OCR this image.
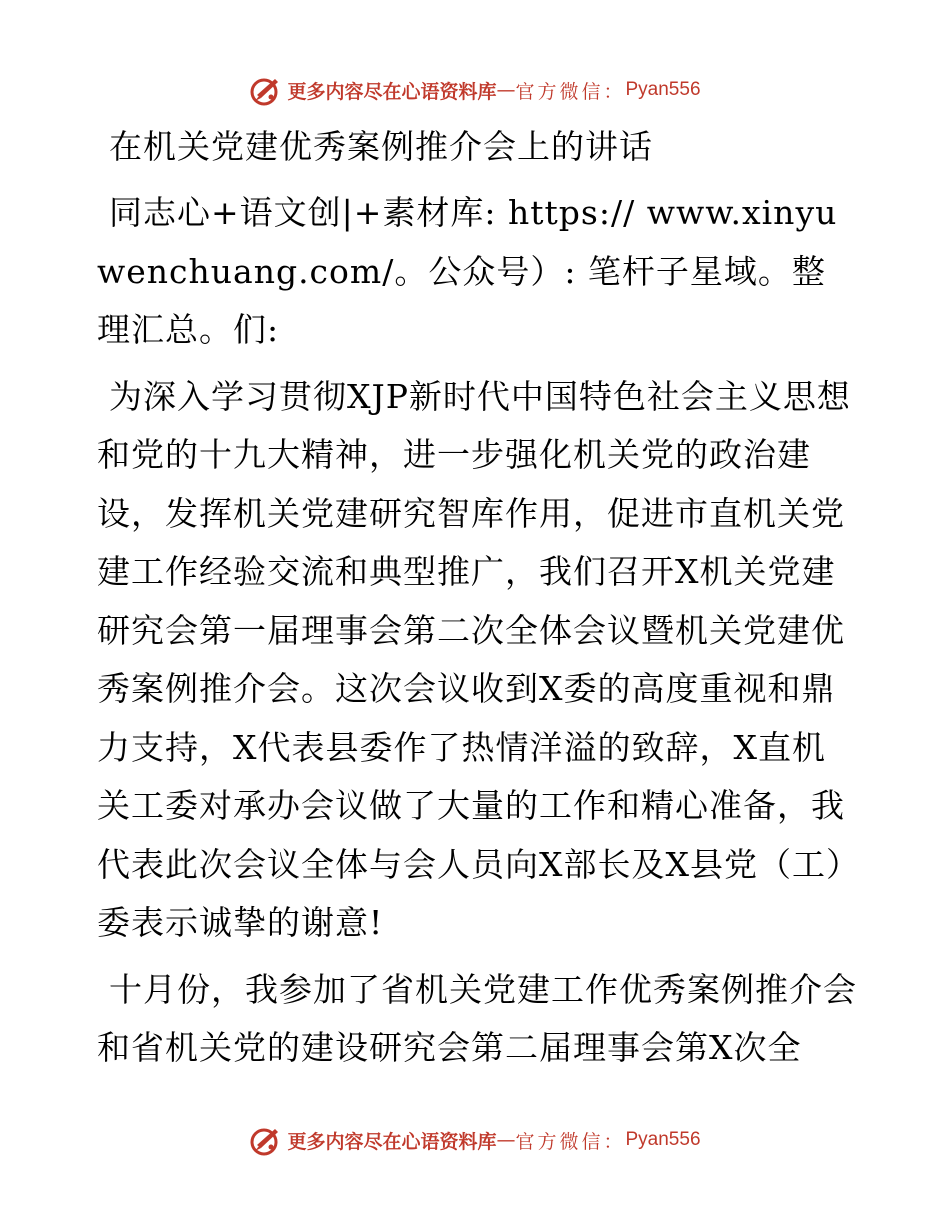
更多内容尽在心语资料库 — 官方微信： Pyan556
在机关党建优秀案例推介会上的讲话

同志心+语文创|+素材库: https:// www.xinyuwenchuang.com/。公众号）: 笔杆子星域。整理汇总。们:

为深入学习贯彻XJP新时代中国特色社会主义思想和党的十九大精神，进一步强化机关党的政治建设，发挥机关党建研究智库作用，促进市直机关党建工作经验交流和典型推广，我们召开X机关党建研究会第一届理事会第二次全体会议暨机关党建优秀案例推介会。这次会议收到X委的高度重视和鼎力支持，X代表县委作了热情洋溢的致辞，X直机关工委对承办会议做了大量的工作和精心准备，我代表此次会议全体与会人员向X部长及X县党（工）委表示诚挚的谢意!

十月份，我参加了省机关党建工作优秀案例推介会和省机关党的建设研究会第二届理事会第X次全

更多内容尽在心语资料库 — 官方微信： Pyan556
